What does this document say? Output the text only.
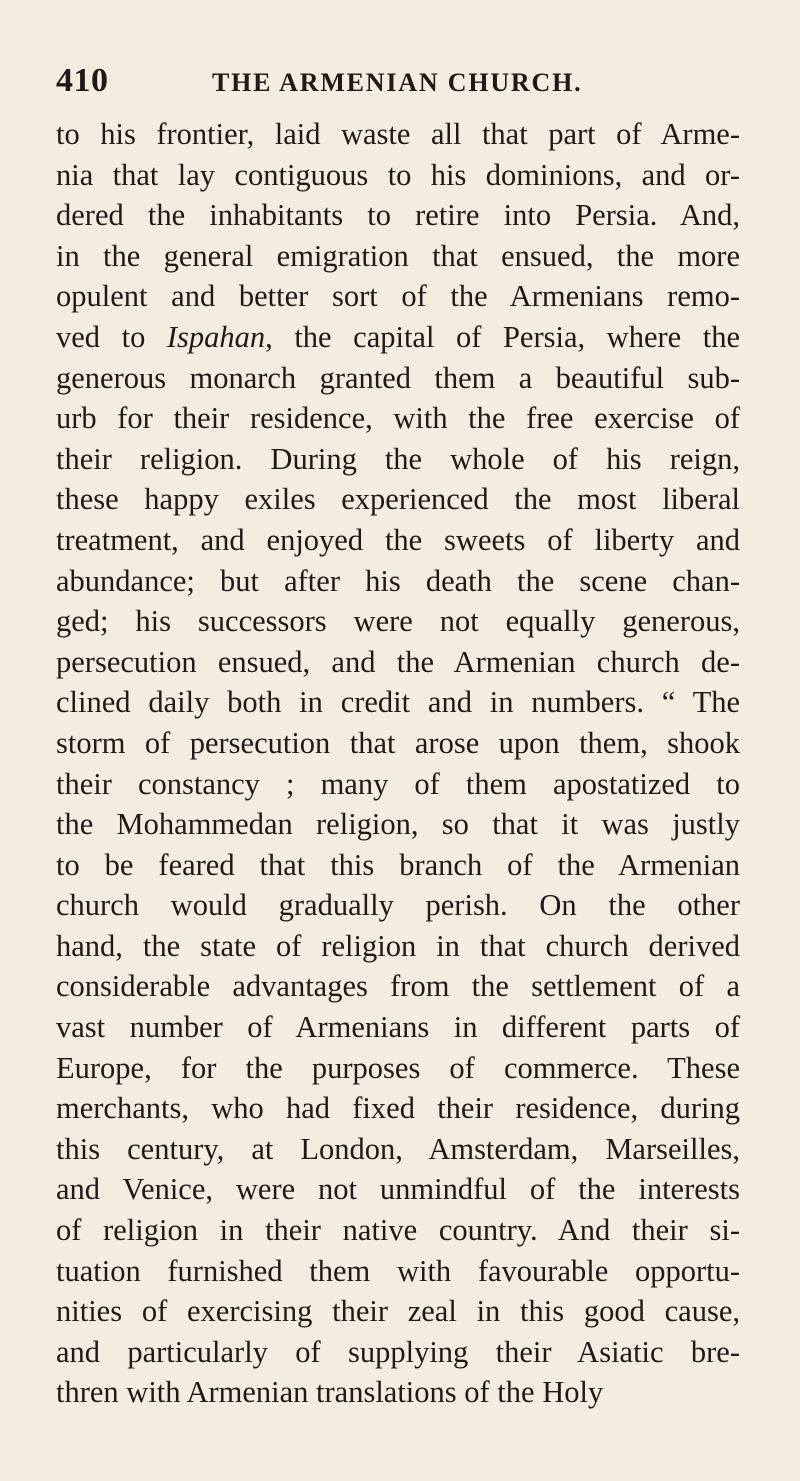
410	THE ARMENIAN CHURCH.
to his frontier, laid waste all that part of Arme-
nia that lay contiguous to his dominions, and or-
dered the inhabitants to retire into Persia. And,
in the general emigration that ensued, the more
opulent and better sort of the Armenians remo-
ved to Ispahan, the capital of Persia, where the
generous monarch granted them a beautiful sub-
urb for their residence, with the free exercise of
their religion. During the whole of his reign,
these happy exiles experienced the most liberal
treatment, and enjoyed the sweets of liberty and
abundance; but after his death the scene chan-
ged; his successors were not equally generous,
persecution ensued, and the Armenian church de-
clined daily both in credit and in numbers. “ The
storm of persecution that arose upon them, shook
their constancy ; many of them apostatized to
the Mohammedan religion, so that it was justly
to be feared that this branch of the Armenian
church would gradually perish. On the other
hand, the state of religion in that church derived
considerable advantages from the settlement of a
vast number of Armenians in different parts of
Europe, for the purposes of commerce. These
merchants, who had fixed their residence, during
this century, at London, Amsterdam, Marseilles,
and Venice, were not unmindful of the interests
of religion in their native country. And their si-
tuation furnished them with favourable opportu-
nities of exercising their zeal in this good cause,
and particularly of supplying their Asiatic bre-
thren with Armenian translations of the Holy
